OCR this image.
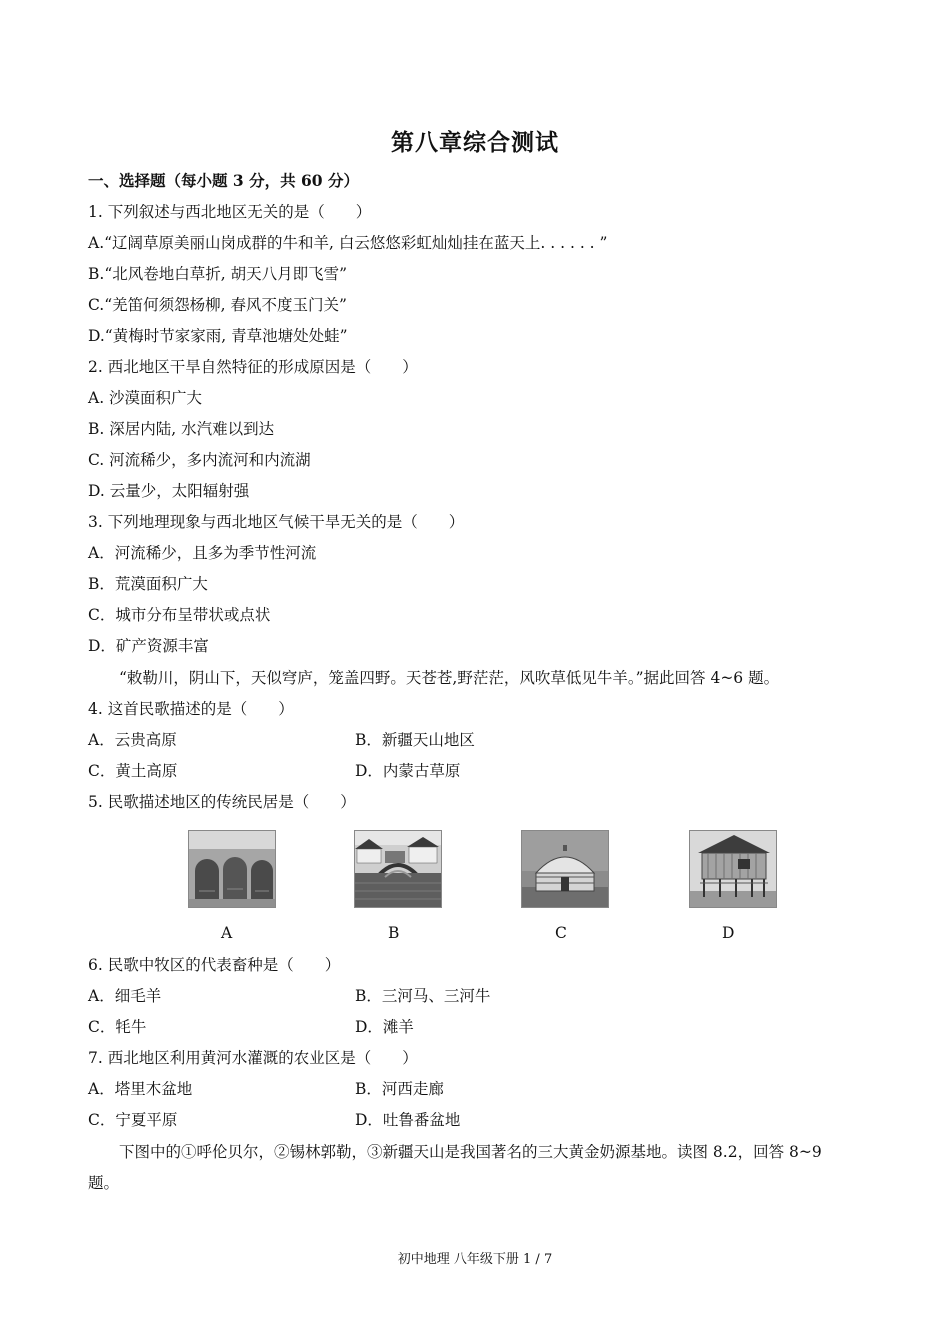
第八章综合测试
一、选择题（每小题 3 分，共 60 分）
1. 下列叙述与西北地区无关的是（　　）
A.“辽阔草原美丽山岗成群的牛和羊, 白云悠悠彩虹灿灿挂在蓝天上. . . . . . ”
B.“北风卷地白草折, 胡天八月即飞雪”
C.“羌笛何须怨杨柳, 春风不度玉门关”
D.“黄梅时节家家雨, 青草池塘处处蛙”
2. 西北地区干旱自然特征的形成原因是（　　）
A. 沙漠面积广大
B. 深居内陆, 水汽难以到达
C. 河流稀少，多内流河和内流湖
D. 云量少，太阳辐射强
3. 下列地理现象与西北地区气候干旱无关的是（　　）
A．河流稀少，且多为季节性河流
B．荒漠面积广大
C．城市分布呈带状或点状
D．矿产资源丰富
“敕勒川，阴山下，天似穹庐，笼盖四野。天苍苍,野茫茫，风吹草低见牛羊。”据此回答 4~6 题。
4. 这首民歌描述的是（　　）
A．云贵高原	B．新疆天山地区
C．黄土高原	D．内蒙古草原
5. 民歌描述地区的传统民居是（　　）
A	B	C	D
6. 民歌中牧区的代表畜种是（　　）
A．细毛羊	B．三河马、三河牛
C．牦牛	D．滩羊
7. 西北地区利用黄河水灌溉的农业区是（　　）
A．塔里木盆地	B．河西走廊
C．宁夏平原	D．吐鲁番盆地
下图中的①呼伦贝尔，②锡林郭勒，③新疆天山是我国著名的三大黄金奶源基地。读图 8.2，回答 8~9
题。
初中地理 八年级下册 1 / 7
